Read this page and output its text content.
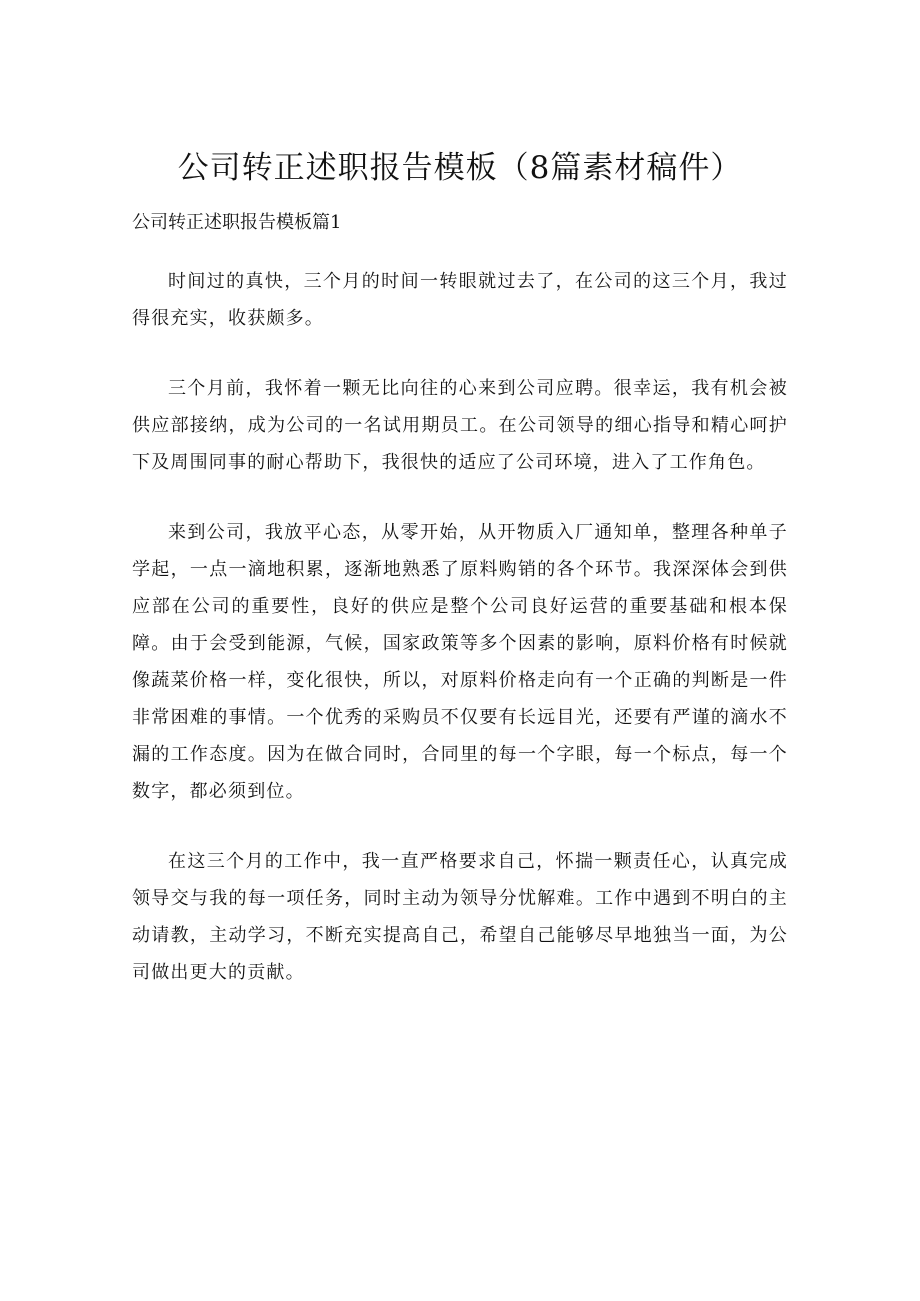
公司转正述职报告模板（8篇素材稿件）
公司转正述职报告模板篇1

时间过的真快，三个月的时间一转眼就过去了，在公司的这三个月，我过得很充实，收获颇多。

三个月前，我怀着一颗无比向往的心来到公司应聘。很幸运，我有机会被供应部接纳，成为公司的一名试用期员工。在公司领导的细心指导和精心呵护下及周围同事的耐心帮助下，我很快的适应了公司环境，进入了工作角色。

来到公司，我放平心态，从零开始，从开物质入厂通知单，整理各种单子学起，一点一滴地积累，逐渐地熟悉了原料购销的各个环节。我深深体会到供应部在公司的重要性，良好的供应是整个公司良好运营的重要基础和根本保障。由于会受到能源，气候，国家政策等多个因素的影响，原料价格有时候就像蔬菜价格一样，变化很快，所以，对原料价格走向有一个正确的判断是一件非常困难的事情。一个优秀的采购员不仅要有长远目光，还要有严谨的滴水不漏的工作态度。因为在做合同时，合同里的每一个字眼，每一个标点，每一个数字，都必须到位。

在这三个月的工作中，我一直严格要求自己，怀揣一颗责任心，认真完成领导交与我的每一项任务，同时主动为领导分忧解难。工作中遇到不明白的主动请教，主动学习，不断充实提高自己，希望自己能够尽早地独当一面，为公司做出更大的贡献。
